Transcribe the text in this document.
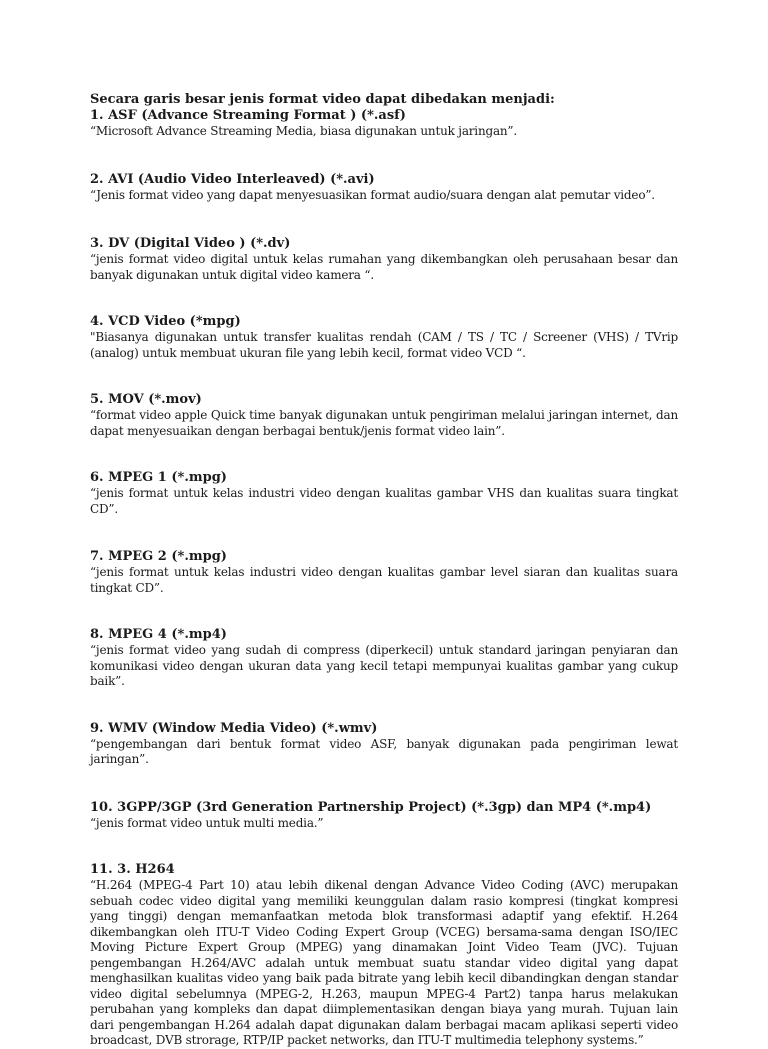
Secara garis besar jenis format video dapat dibedakan menjadi:

1. ASF (Advance Streaming Format ) (*.asf)

“Microsoft Advance Streaming Media, biasa digunakan untuk jaringan”.

2. AVI (Audio Video Interleaved) (*.avi)

“Jenis format video yang dapat menyesuasikan format audio/suara dengan alat pemutar video”.

3. DV (Digital Video ) (*.dv)

“jenis format video digital untuk kelas rumahan yang dikembangkan oleh perusahaan besar dan banyak digunakan untuk digital video kamera “.

4. VCD Video (*mpg)

"Biasanya digunakan untuk transfer kualitas rendah (CAM / TS / TC / Screener (VHS) / TVrip (analog) untuk membuat ukuran file yang lebih kecil, format video VCD “.

5. MOV (*.mov)

“format video apple Quick time banyak digunakan untuk pengiriman melalui jaringan internet, dan dapat menyesuaikan dengan berbagai bentuk/jenis format video lain”.

6. MPEG 1 (*.mpg)

“jenis format untuk kelas industri video dengan kualitas gambar VHS dan kualitas suara tingkat CD”.

7. MPEG 2 (*.mpg)

“jenis format untuk kelas industri video dengan kualitas gambar level siaran dan kualitas suara tingkat CD”.

8. MPEG 4 (*.mp4)

“jenis format video yang sudah di compress (diperkecil) untuk standard jaringan penyiaran dan komunikasi video dengan ukuran data yang kecil tetapi mempunyai kualitas gambar yang cukup baik”.

9. WMV (Window Media Video) (*.wmv)

“pengembangan dari bentuk format video ASF, banyak digunakan pada pengiriman lewat jaringan”.

10. 3GPP/3GP (3rd Generation Partnership Project) (*.3gp) dan MP4 (*.mp4)

“jenis format video untuk multi media.”

11. 3. H264

“H.264 (MPEG-4 Part 10) atau lebih dikenal dengan Advance Video Coding (AVC) merupakan sebuah codec video digital yang memiliki keunggulan dalam rasio kompresi (tingkat kompresi yang tinggi) dengan memanfaatkan metoda blok transformasi adaptif yang efektif. H.264 dikembangkan oleh ITU-T Video Coding Expert Group (VCEG) bersama-sama dengan ISO/IEC Moving Picture Expert Group (MPEG) yang dinamakan Joint Video Team (JVC). Tujuan pengembangan H.264/AVC adalah untuk membuat suatu standar video digital yang dapat menghasilkan kualitas video yang baik pada bitrate yang lebih kecil dibandingkan dengan standar video digital sebelumnya (MPEG-2, H.263, maupun MPEG-4 Part2) tanpa harus melakukan perubahan yang kompleks dan dapat diimplementasikan dengan biaya yang murah. Tujuan lain dari pengembangan H.264 adalah dapat digunakan dalam berbagai macam aplikasi seperti video broadcast, DVB strorage, RTP/IP packet networks, dan ITU-T multimedia telephony systems.”
